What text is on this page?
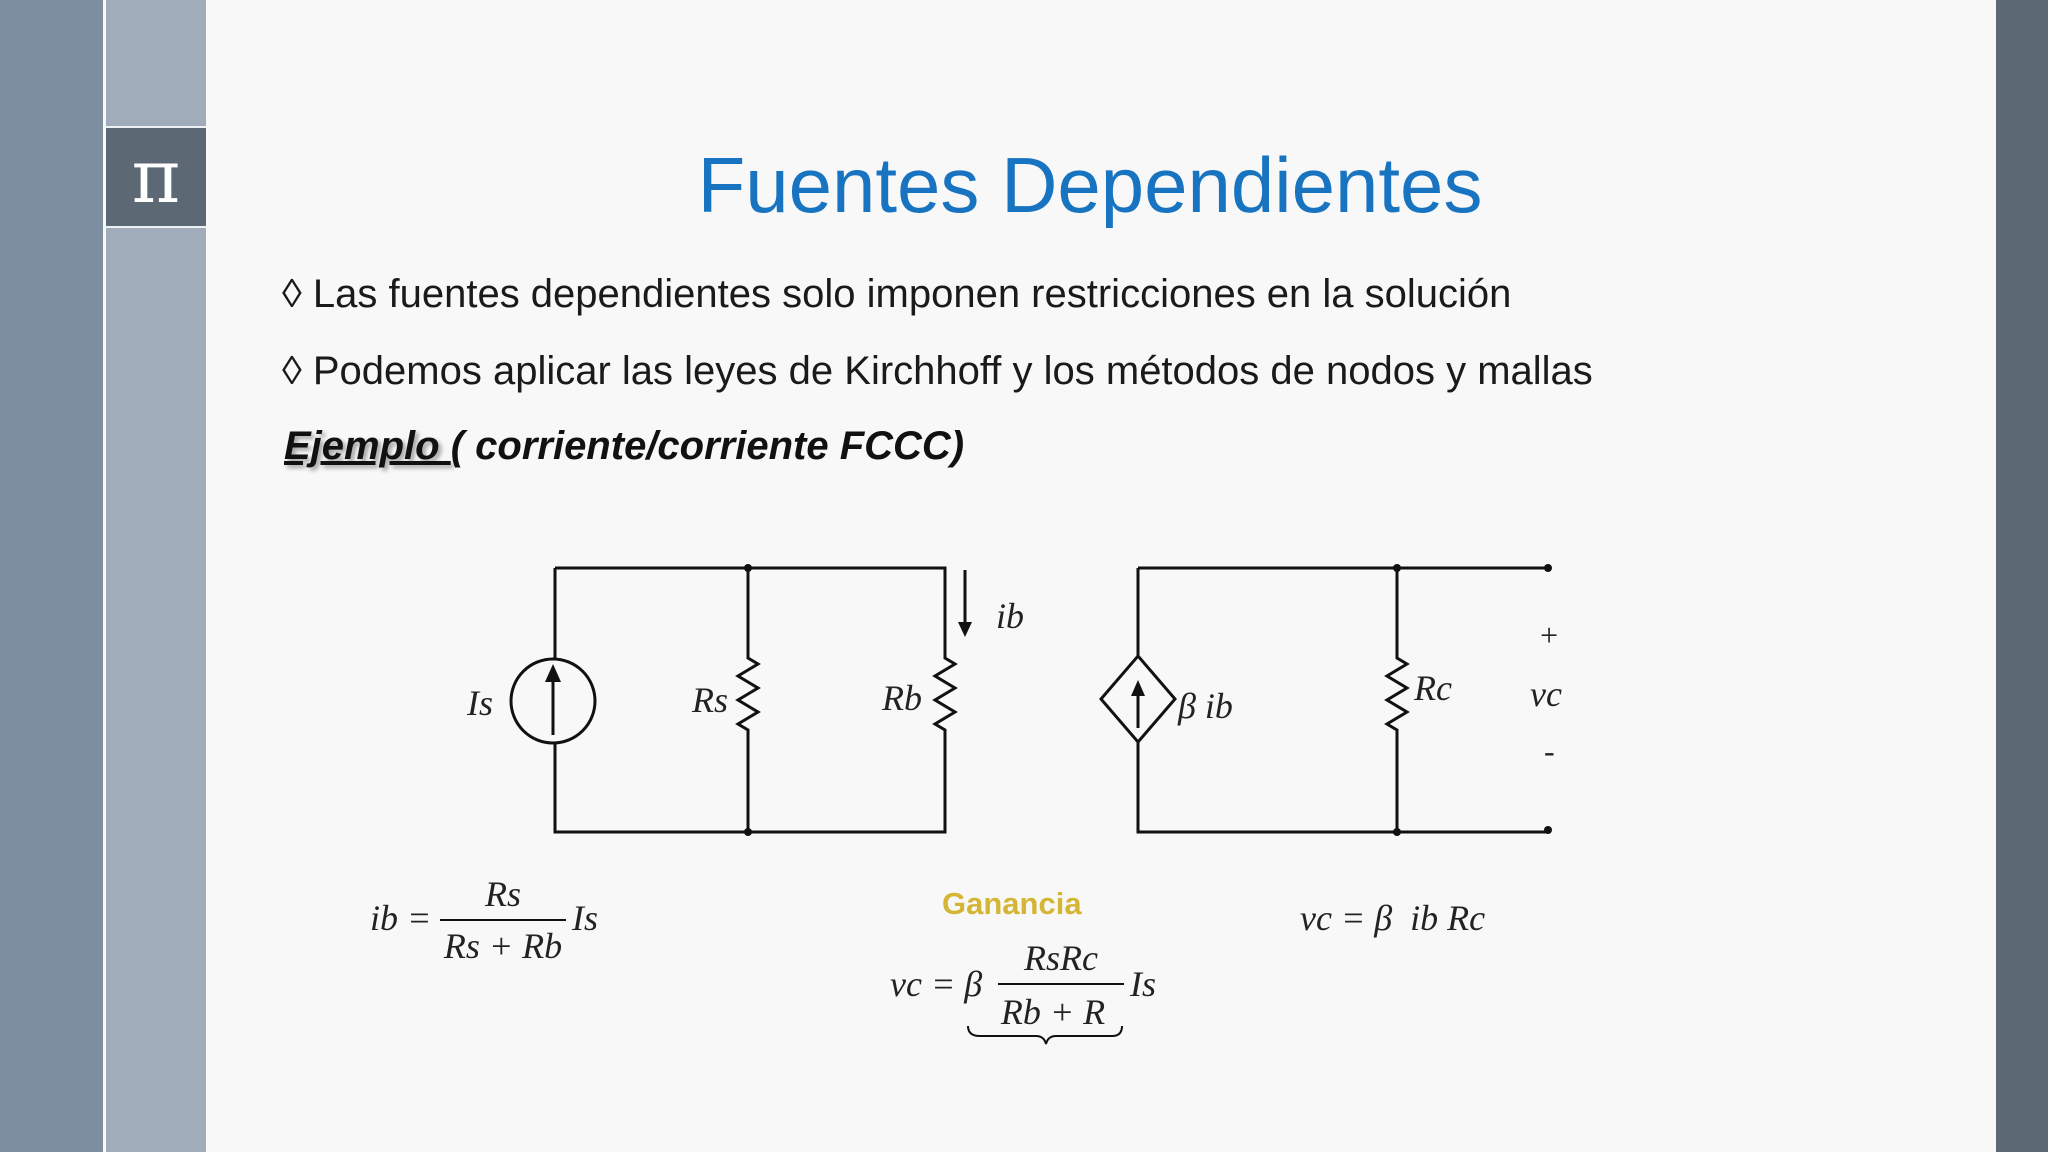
π	Fuentes Dependientes
◊ Las fuentes dependientes solo imponen restricciones en la solución
◊ Podemos aplicar las leyes de Kirchhoff y los métodos de nodos y mallas
Ejemplo ( corriente/corriente FCCC)
Ganancia
Is	Rs	Rb
ib
β ib	Rc vc
+
-
ib =
Rs
Rs + Rb
Is
vc = β
RsRc
Rb + R
Is
vc = β  ib Rc
